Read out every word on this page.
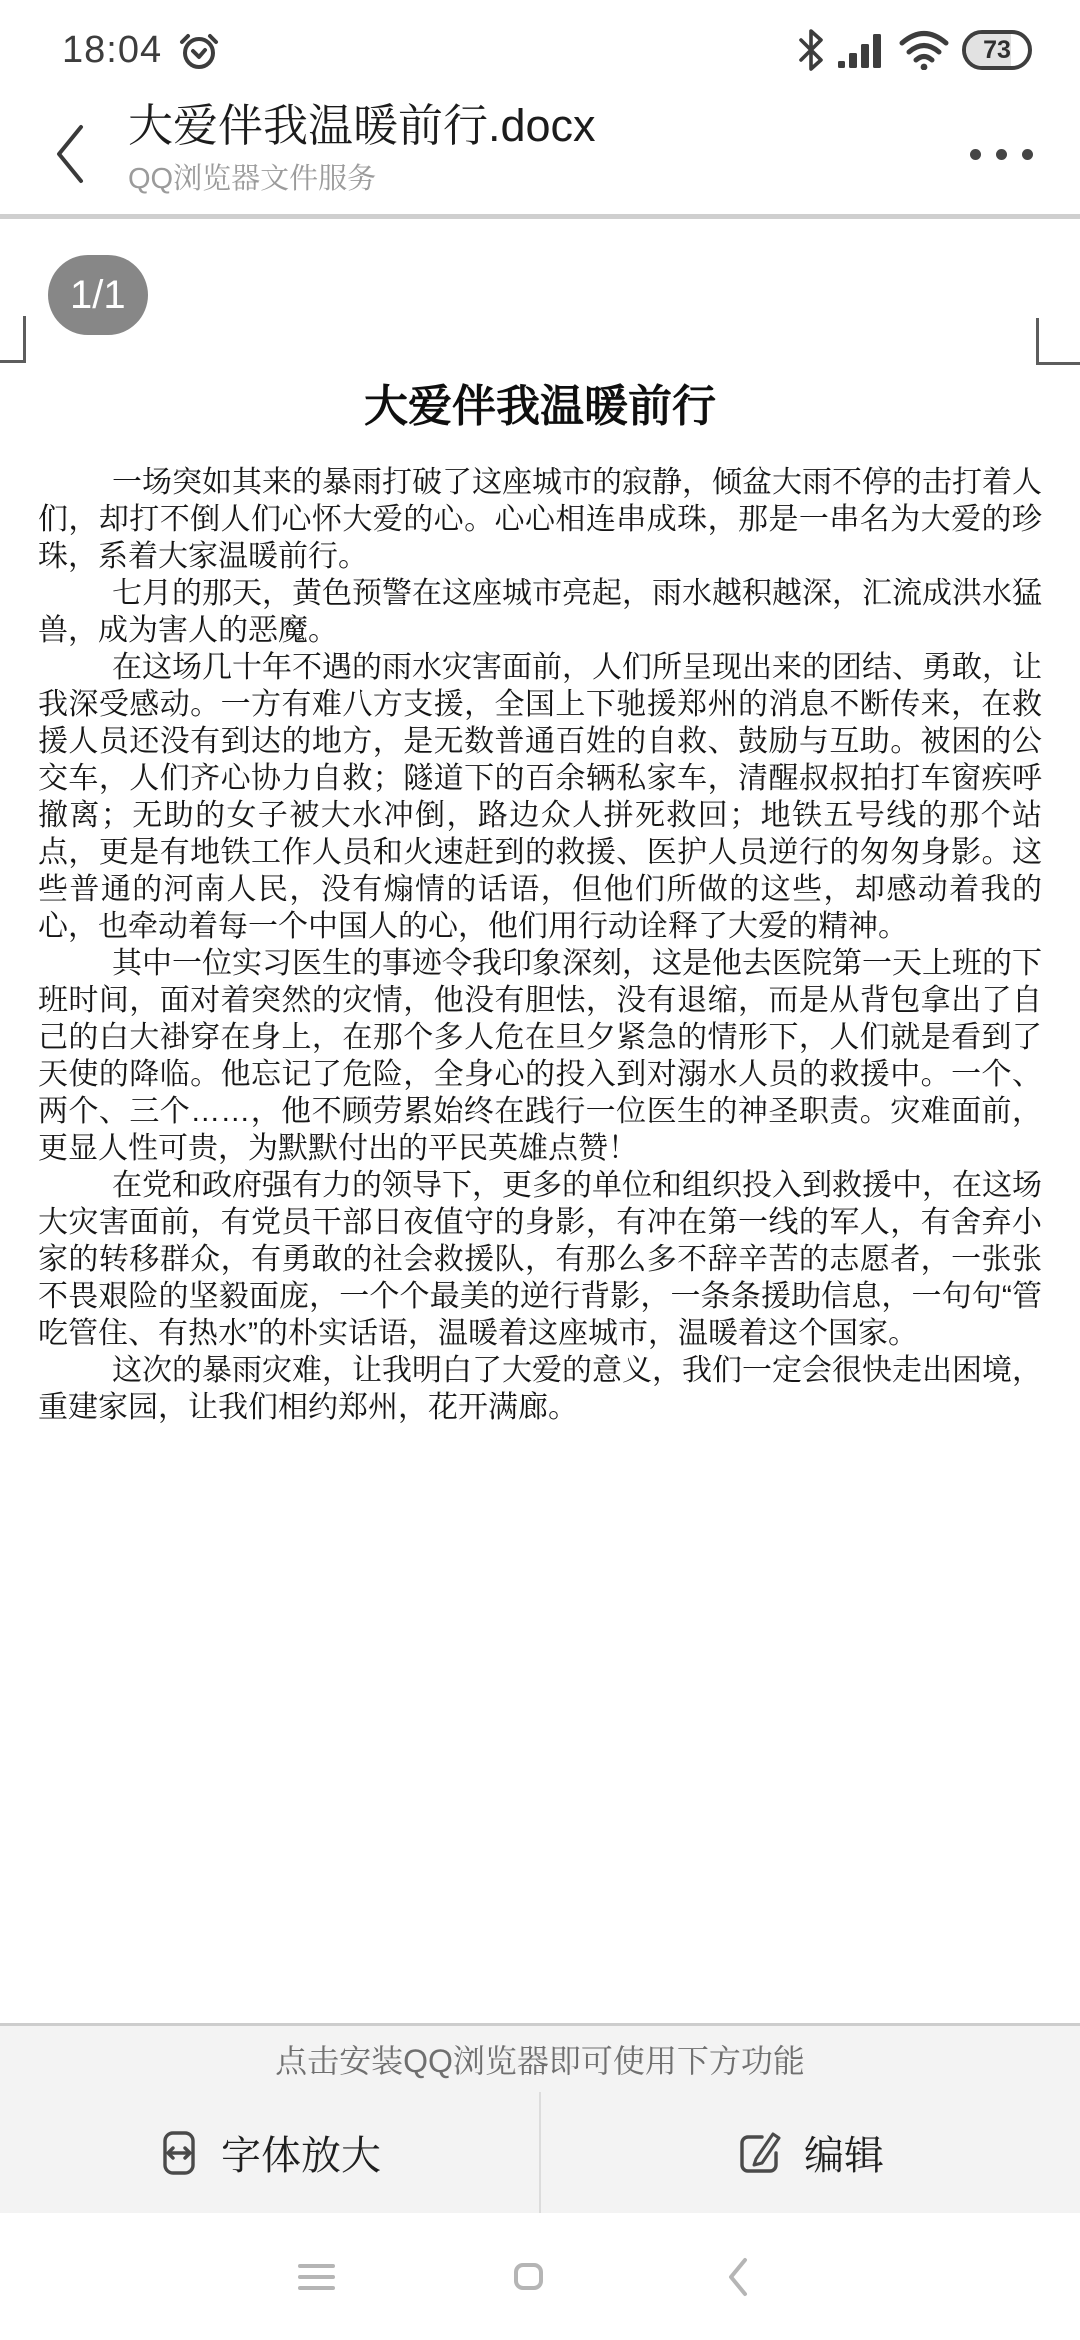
18:04	73
大爱伴我温暖前行.docx
QQ浏览器文件服务
1/1
大爱伴我温暖前行

一场突如其来的暴雨打破了这座城市的寂静，倾盆大雨不停的击打着人们，却打不倒人们心怀大爱的心。心心相连串成珠，那是一串名为大爱的珍珠，系着大家温暖前行。

七月的那天，黄色预警在这座城市亮起，雨水越积越深，汇流成洪水猛兽，成为害人的恶魔。

在这场几十年不遇的雨水灾害面前，人们所呈现出来的团结、勇敢，让我深受感动。一方有难八方支援，全国上下驰援郑州的消息不断传来，在救援人员还没有到达的地方，是无数普通百姓的自救、鼓励与互助。被困的公交车，人们齐心协力自救；隧道下的百余辆私家车，清醒叔叔拍打车窗疾呼撤离；无助的女子被大水冲倒，路边众人拼死救回；地铁五号线的那个站点，更是有地铁工作人员和火速赶到的救援、医护人员逆行的匆匆身影。这些普通的河南人民，没有煽情的话语，但他们所做的这些，却感动着我的心，也牵动着每一个中国人的心，他们用行动诠释了大爱的精神。

其中一位实习医生的事迹令我印象深刻，这是他去医院第一天上班的下班时间，面对着突然的灾情，他没有胆怯，没有退缩，而是从背包拿出了自己的白大褂穿在身上，在那个多人危在旦夕紧急的情形下，人们就是看到了天使的降临。他忘记了危险，全身心的投入到对溺水人员的救援中。一个、两个、三个……，他不顾劳累始终在践行一位医生的神圣职责。灾难面前，更显人性可贵，为默默付出的平民英雄点赞！

在党和政府强有力的领导下，更多的单位和组织投入到救援中，在这场大灾害面前，有党员干部日夜值守的身影，有冲在第一线的军人，有舍弃小家的转移群众，有勇敢的社会救援队，有那么多不辞辛苦的志愿者，一张张不畏艰险的坚毅面庞，一个个最美的逆行背影，一条条援助信息，一句句“管吃管住、有热水”的朴实话语，温暖着这座城市，温暖着这个国家。

这次的暴雨灾难，让我明白了大爱的意义，我们一定会很快走出困境，重建家园，让我们相约郑州，花开满廊。

点击安装QQ浏览器即可使用下方功能
字体放大	编辑
